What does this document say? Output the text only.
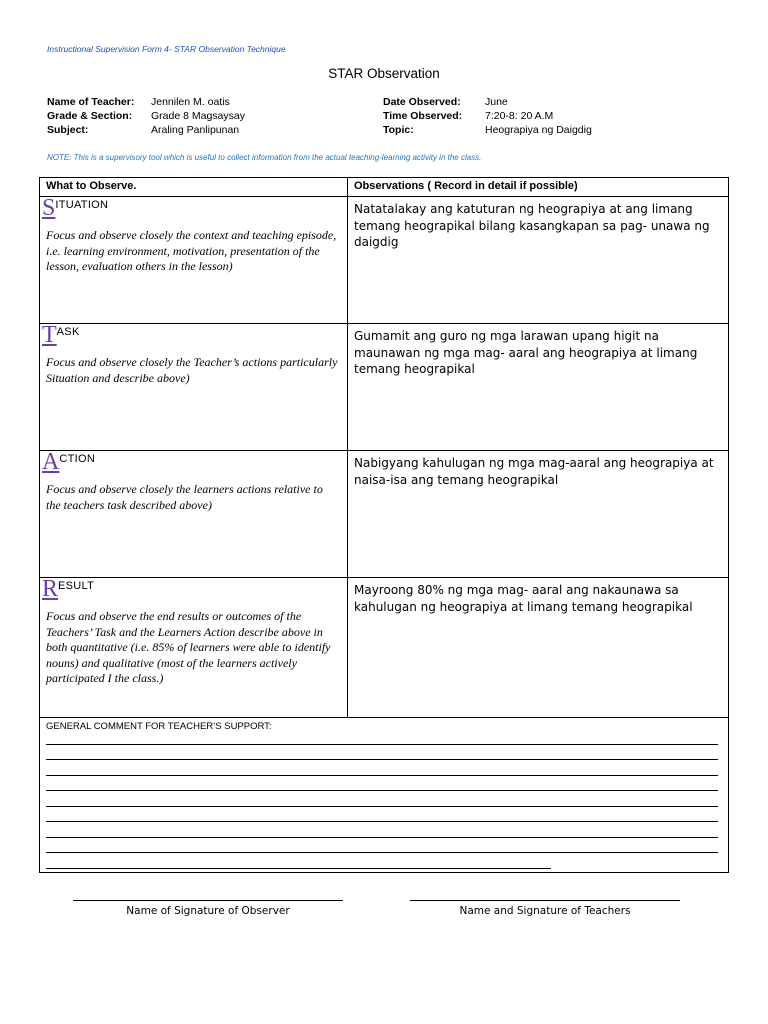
Instructional Supervision Form 4- STAR Observation Technique
STAR Observation
Name of Teacher: Jennilen M. oatis
Grade & Section: Grade 8 Magsaysay
Subject:	Araling Panlipunan
Date Observed: June
Time Observed: 7:20-8: 20 A.M
Topic:	Heograpiya ng Daigdig
NOTE: This is a supervisory tool which is useful to collect information from the actual teaching-learning activity in the class.
What to Observe.	Observations ( Record in detail if possible)
SITUATION
Focus and observe closely the context and teaching episode, i.e. learning environment, motivation, presentation of the lesson, evaluation others in the lesson)	Natatalakay ang katuturan ng heograpiya at ang limang temang heograpikal bilang kasangkapan sa pag- unawa ng daigdig

TASK
Focus and observe closely the Teacher’s actions particularly Situation and describe above)	Gumamit ang guro ng mga larawan upang higit na maunawan ng mga mag- aaral ang heograpiya at limang temang heograpikal

ACTION
Focus and observe closely the learners actions relative to the teachers task described above)	Nabigyang kahulugan ng mga mag-aaral ang heograpiya at naisa-isa ang temang heograpikal

RESULT
Focus and observe the end results or outcomes of the Teachers’ Task and the Learners Action describe above in both quantitative (i.e. 85% of learners were able to identify nouns) and qualitative (most of the learners actively participated I the class.)	Mayroong 80% ng mga mag- aaral ang nakaunawa sa kahulugan ng heograpiya at limang temang heograpikal

GENERAL COMMENT FOR TEACHER’S SUPPORT:	
Name of Signature of Observer	Name and Signature of Teachers
